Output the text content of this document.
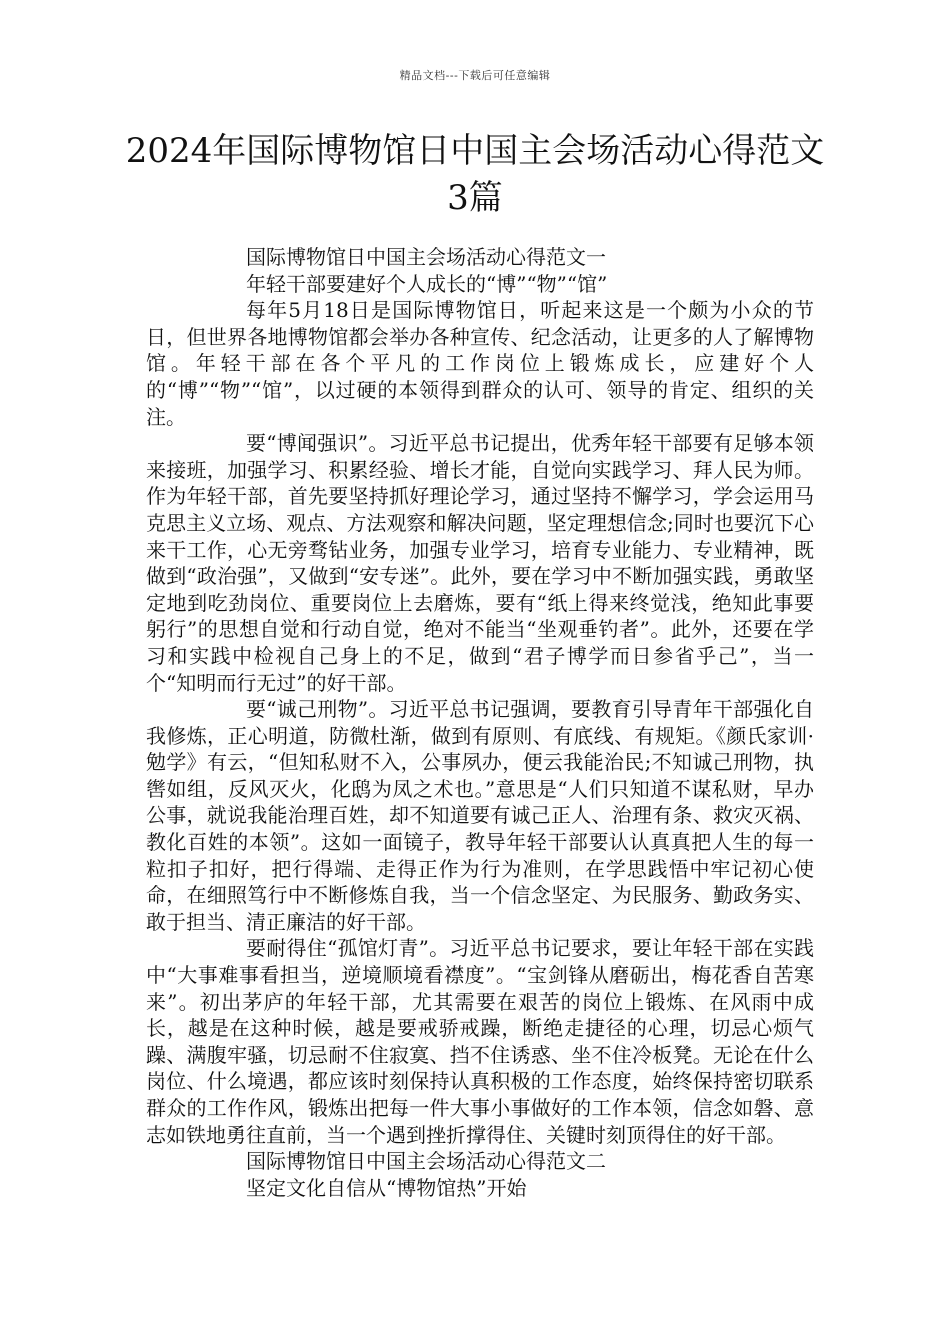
精品文档---下载后可任意编辑
2024年国际博物馆日中国主会场活动心得范文3篇

国际博物馆日中国主会场活动心得范文一

年轻干部要建好个人成长的“博”“物”“馆”

每年5月18日是国际博物馆日，听起来这是一个颇为小众的节日，但世界各地博物馆都会举办各种宣传、纪念活动，让更多的人了解博物馆。年轻干部在各个平凡的工作岗位上锻炼成长，应建好个人的“博”“物”“馆”，以过硬的本领得到群众的认可、领导的肯定、组织的关注。

要“博闻强识”。习近平总书记提出，优秀年轻干部要有足够本领来接班，加强学习、积累经验、增长才能，自觉向实践学习、拜人民为师。作为年轻干部，首先要坚持抓好理论学习，通过坚持不懈学习，学会运用马克思主义立场、观点、方法观察和解决问题，坚定理想信念;同时也要沉下心来干工作，心无旁骛钻业务，加强专业学习，培育专业能力、专业精神，既做到“政治强”，又做到“安专迷”。此外，要在学习中不断加强实践，勇敢坚定地到吃劲岗位、重要岗位上去磨炼，要有“纸上得来终觉浅，绝知此事要躬行”的思想自觉和行动自觉，绝对不能当“坐观垂钓者”。此外，还要在学习和实践中检视自己身上的不足，做到“君子博学而日参省乎己”，当一个“知明而行无过”的好干部。

要“诚己刑物”。习近平总书记强调，要教育引导青年干部强化自我修炼，正心明道，防微杜渐，做到有原则、有底线、有规矩。《颜氏家训·勉学》有云，“但知私财不入，公事夙办，便云我能治民;不知诚己刑物，执辔如组，反风灭火，化鸱为凤之术也。”意思是“人们只知道不谋私财，早办公事，就说我能治理百姓，却不知道要有诚己正人、治理有条、救灾灭祸、教化百姓的本领”。这如一面镜子，教导年轻干部要认认真真把人生的每一粒扣子扣好，把行得端、走得正作为行为准则，在学思践悟中牢记初心使命，在细照笃行中不断修炼自我，当一个信念坚定、为民服务、勤政务实、敢于担当、清正廉洁的好干部。

要耐得住“孤馆灯青”。习近平总书记要求，要让年轻干部在实践中“大事难事看担当，逆境顺境看襟度”。“宝剑锋从磨砺出，梅花香自苦寒来”。初出茅庐的年轻干部，尤其需要在艰苦的岗位上锻炼、在风雨中成长，越是在这种时候，越是要戒骄戒躁，断绝走捷径的心理，切忌心烦气躁、满腹牢骚，切忌耐不住寂寞、挡不住诱惑、坐不住冷板凳。无论在什么岗位、什么境遇，都应该时刻保持认真积极的工作态度，始终保持密切联系群众的工作作风，锻炼出把每一件大事小事做好的工作本领，信念如磐、意志如铁地勇往直前，当一个遇到挫折撑得住、关键时刻顶得住的好干部。

国际博物馆日中国主会场活动心得范文二

坚定文化自信从“博物馆热”开始
